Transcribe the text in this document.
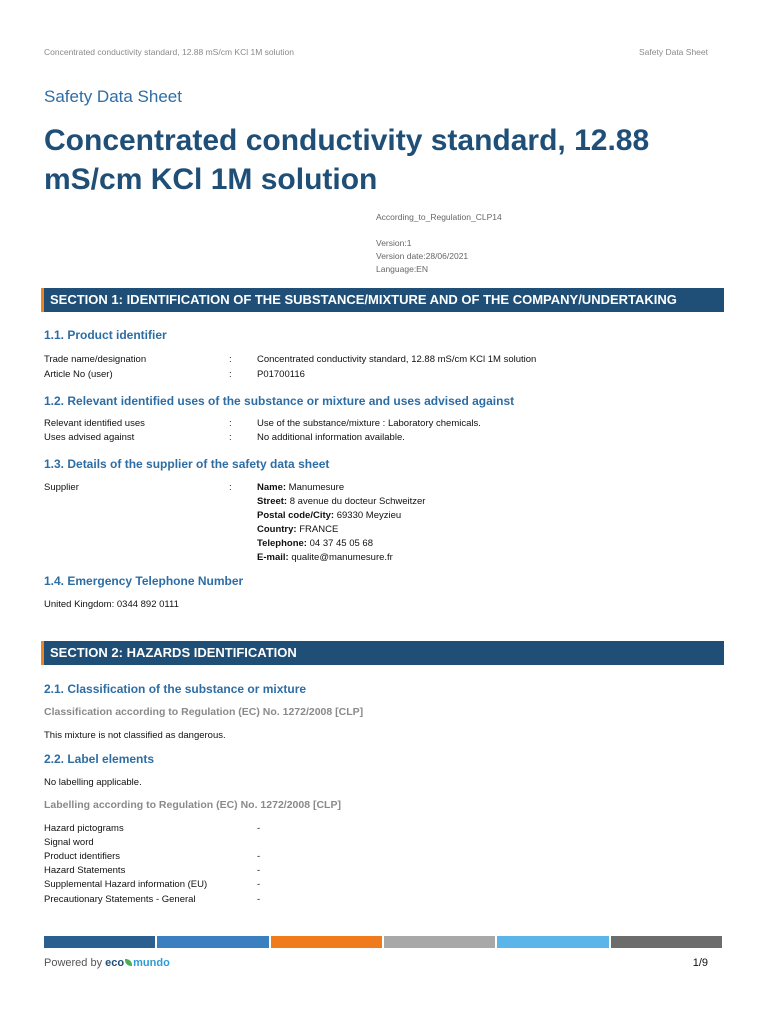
Concentrated conductivity standard, 12.88 mS/cm KCl 1M solution	Safety Data Sheet
Safety Data Sheet
Concentrated conductivity standard, 12.88 mS/cm KCl 1M solution
According_to_Regulation_CLP14
Version:1
Version date:28/06/2021
Language:EN
SECTION 1: IDENTIFICATION OF THE SUBSTANCE/MIXTURE AND OF THE COMPANY/UNDERTAKING
1.1. Product identifier
Trade name/designation	:	Concentrated conductivity standard, 12.88 mS/cm KCl 1M solution
Article No (user)	:	P01700116
1.2. Relevant identified uses of the substance or mixture and uses advised against
Relevant identified uses	:	Use of the substance/mixture : Laboratory chemicals.
Uses advised against	:	No additional information available.
1.3. Details of the supplier of the safety data sheet
Supplier	:	Name: Manumesure
Street: 8 avenue du docteur Schweitzer
Postal code/City: 69330 Meyzieu
Country: FRANCE
Telephone: 04 37 45 05 68
E-mail: qualite@manumesure.fr
1.4. Emergency Telephone Number
United Kingdom: 0344 892 0111
SECTION 2: HAZARDS IDENTIFICATION
2.1. Classification of the substance or mixture
Classification according to Regulation (EC) No. 1272/2008 [CLP]
This mixture is not classified as dangerous.
2.2. Label elements
No labelling applicable.
Labelling according to Regulation (EC) No. 1272/2008 [CLP]
Hazard pictograms	-
Signal word
Product identifiers	-
Hazard Statements	-
Supplemental Hazard information (EU)	-
Precautionary Statements - General	-
Powered by eco mundo	1/9
